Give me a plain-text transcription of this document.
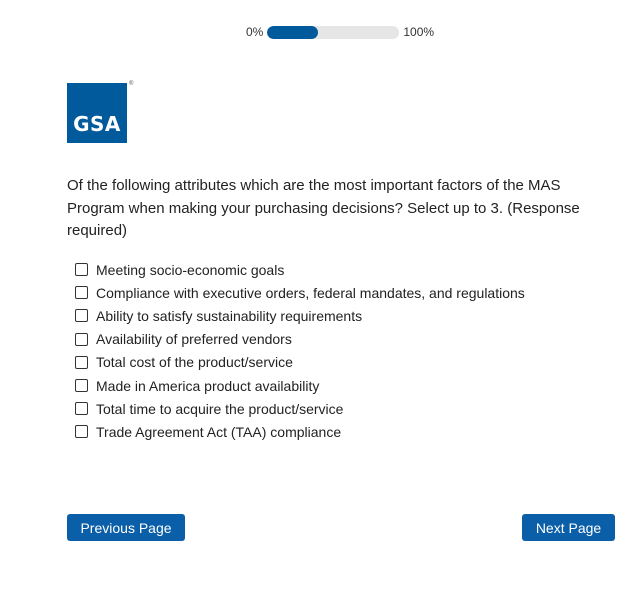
0%	100%
GSA
®
Of the following attributes which are the most important factors of the MAS Program when making your purchasing decisions? Select up to 3. (Response required)
Meeting socio-economic goals
Compliance with executive orders, federal mandates, and regulations
Ability to satisfy sustainability requirements
Availability of preferred vendors
Total cost of the product/service
Made in America product availability
Total time to acquire the product/service
Trade Agreement Act (TAA) compliance
Previous Page	Next Page
